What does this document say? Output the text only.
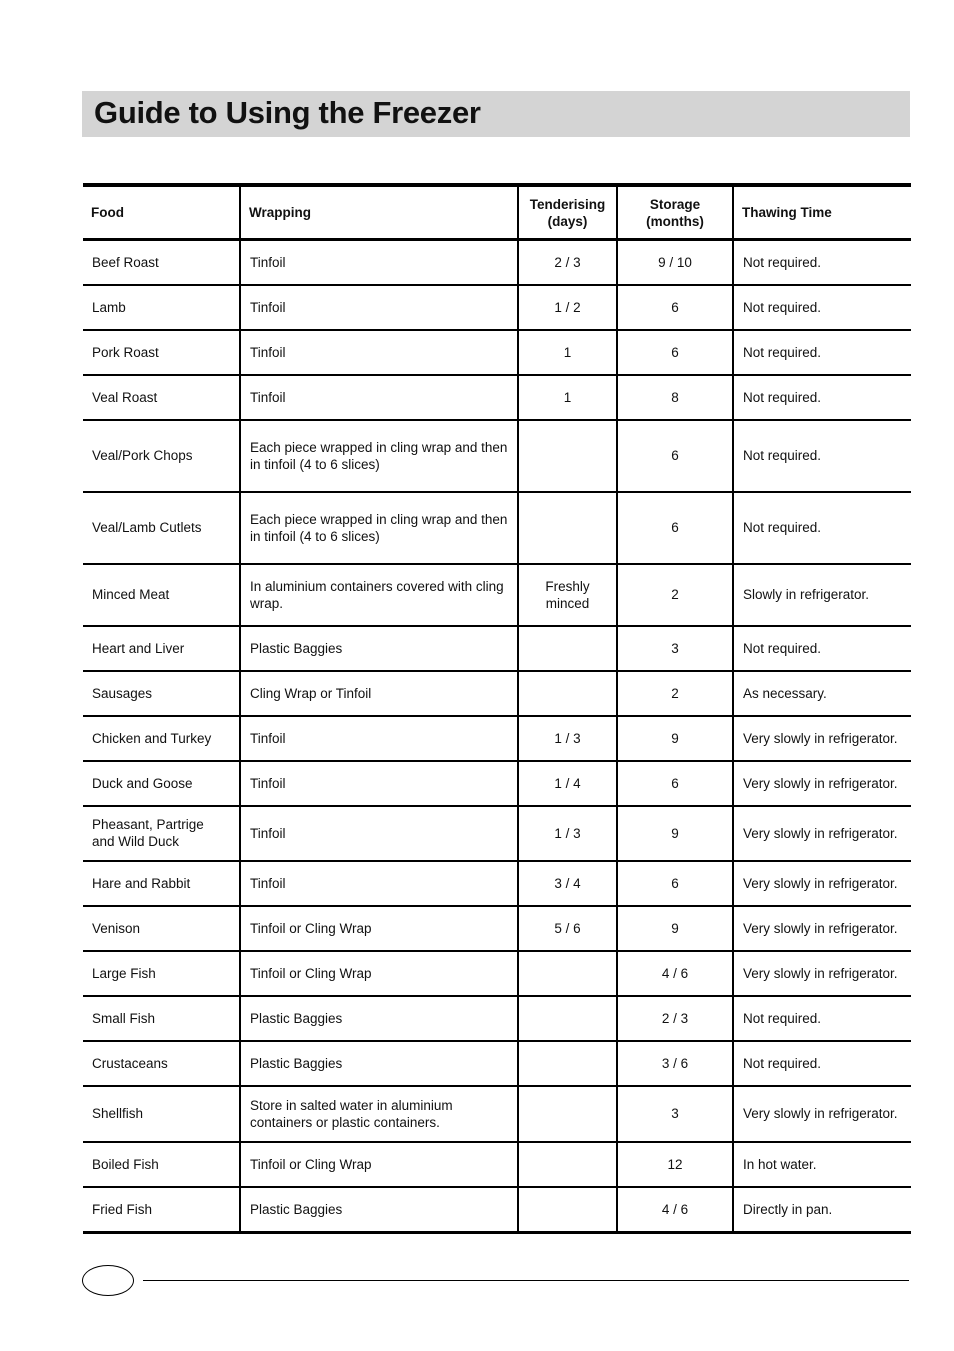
Guide to Using the Freezer
Food	Wrapping	Tenderising (days)	Storage (months)	Thawing Time
Beef Roast	Tinfoil	2 / 3	9 / 10	Not required.
Lamb	Tinfoil	1 / 2	6	Not required.
Pork Roast	Tinfoil	1	6	Not required.
Veal Roast	Tinfoil	1	8	Not required.
Veal/Pork Chops	Each piece wrapped in cling wrap and then in tinfoil (4 to 6 slices)		6	Not required.
Veal/Lamb Cutlets	Each piece wrapped in cling wrap and then in tinfoil (4 to 6 slices)		6	Not required.
Minced Meat	In aluminium containers covered with cling wrap.	Freshly minced	2	Slowly in refrigerator.
Heart and Liver	Plastic Baggies		3	Not required.
Sausages	Cling Wrap or Tinfoil		2	As necessary.
Chicken and Turkey	Tinfoil	1 / 3	9	Very slowly in refrigerator.
Duck and Goose	Tinfoil	1 / 4	6	Very slowly in refrigerator.
Pheasant, Partrige and Wild Duck	Tinfoil	1 / 3	9	Very slowly in refrigerator.
Hare and Rabbit	Tinfoil	3 / 4	6	Very slowly in refrigerator.
Venison	Tinfoil or Cling Wrap	5 / 6	9	Very slowly in refrigerator.
Large Fish	Tinfoil or Cling Wrap		4 / 6	Very slowly in refrigerator.
Small Fish	Plastic Baggies		2 / 3	Not required.
Crustaceans	Plastic Baggies		3 / 6	Not required.
Shellfish	Store in salted water in aluminium containers or plastic containers.		3	Very slowly in refrigerator.
Boiled Fish	Tinfoil or Cling Wrap		12	In hot water.
Fried Fish	Plastic Baggies		4 / 6	Directly in pan.
